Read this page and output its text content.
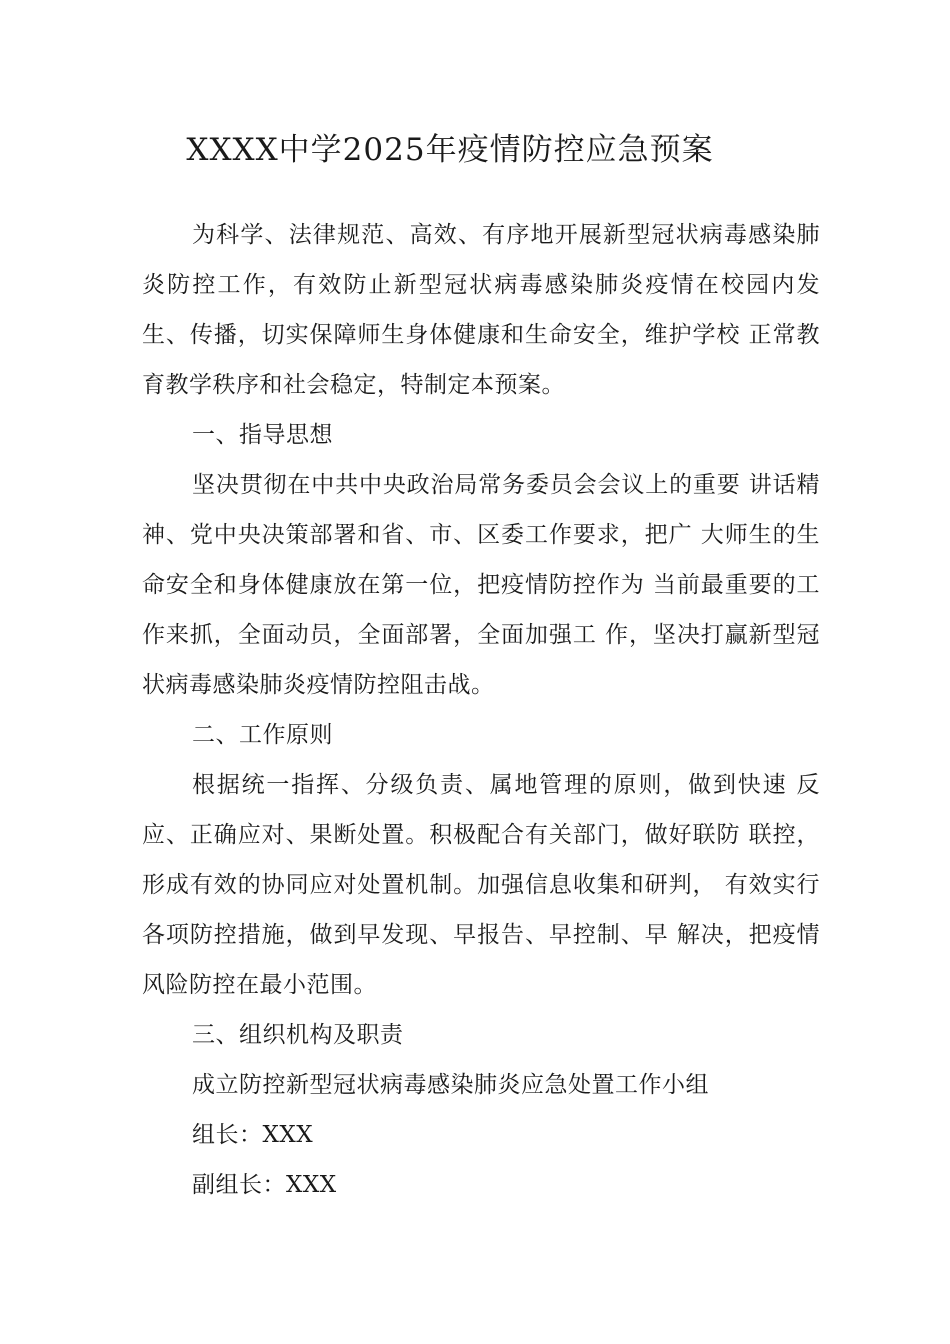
XXXX中学2025年疫情防控应急预案

为科学、法律规范、高效、有序地开展新型冠状病毒感染肺 炎防控工作，有效防止新型冠状病毒感染肺炎疫情在校园内发生、传播，切实保障师生身体健康和生命安全，维护学校 正常教育教学秩序和社会稳定，特制定本预案。

一、指导思想

坚决贯彻在中共中央政治局常务委员会会议上的重要 讲话精神、党中央决策部署和省、市、区委工作要求，把广 大师生的生命安全和身体健康放在第一位，把疫情防控作为 当前最重要的工作来抓，全面动员，全面部署，全面加强工 作，坚决打赢新型冠状病毒感染肺炎疫情防控阻击战。

二、工作原则

根据统一指挥、分级负责、属地管理的原则，做到快速 反应、正确应对、果断处置。积极配合有关部门，做好联防 联控，形成有效的协同应对处置机制。加强信息收集和研判， 有效实行各项防控措施，做到早发现、早报告、早控制、早 解决，把疫情风险防控在最小范围。

三、组织机构及职责

成立防控新型冠状病毒感染肺炎应急处置工作小组

组长：XXX

副组长：XXX
